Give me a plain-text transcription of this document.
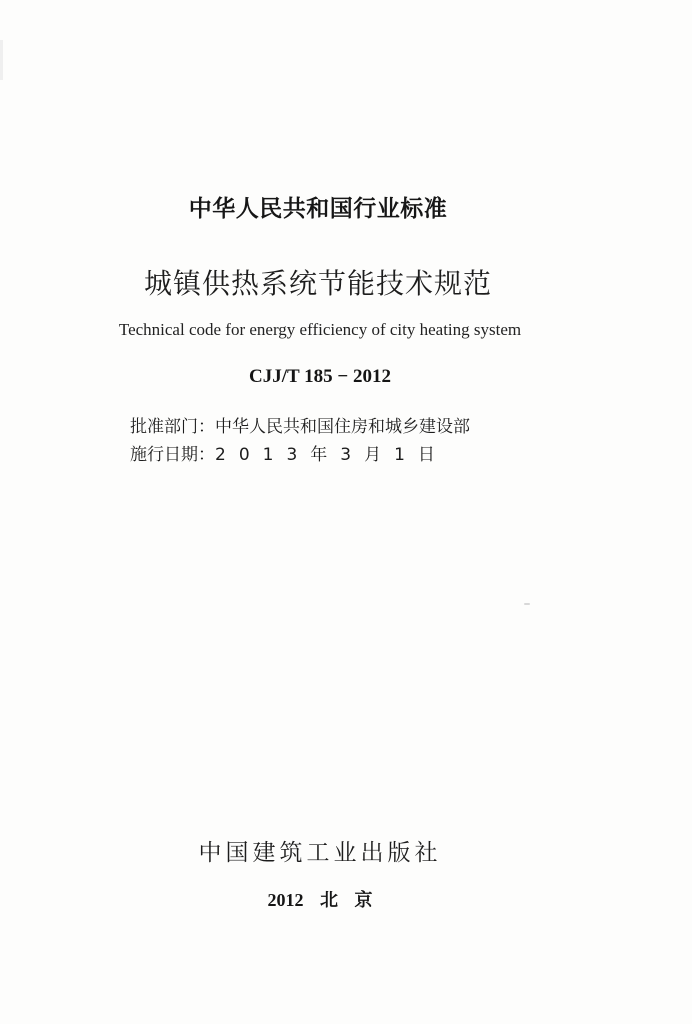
中华人民共和国行业标准

城镇供热系统节能技术规范

Technical code for energy efficiency of city heating system

CJJ/T 185 − 2012

批准部门：中华人民共和国住房和城乡建设部

施行日期：2013年3月1日

中国建筑工业出版社

2012 北 京
